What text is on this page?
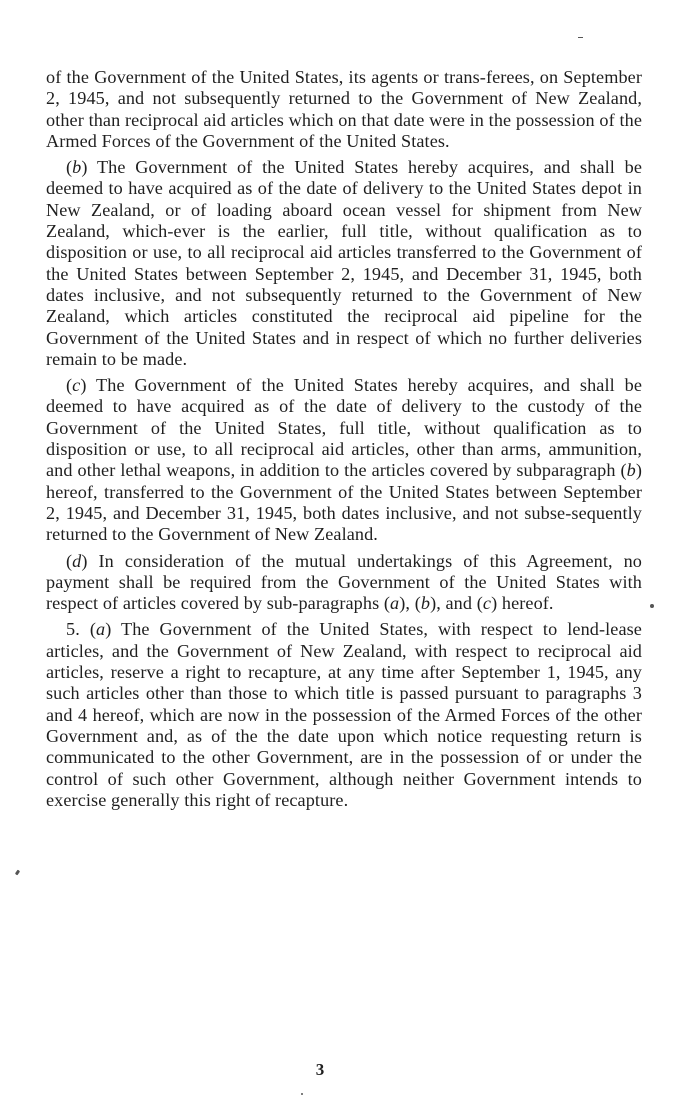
of the Government of the United States, its agents or trans-ferees, on September 2, 1945, and not subsequently returned to the Government of New Zealand, other than reciprocal aid articles which on that date were in the possession of the Armed Forces of the Government of the United States.

(b) The Government of the United States hereby acquires, and shall be deemed to have acquired as of the date of delivery to the United States depot in New Zealand, or of loading aboard ocean vessel for shipment from New Zealand, which-ever is the earlier, full title, without qualification as to disposition or use, to all reciprocal aid articles transferred to the Government of the United States between September 2, 1945, and December 31, 1945, both dates inclusive, and not subsequently returned to the Government of New Zealand, which articles constituted the reciprocal aid pipeline for the Government of the United States and in respect of which no further deliveries remain to be made.

(c) The Government of the United States hereby acquires, and shall be deemed to have acquired as of the date of delivery to the custody of the Government of the United States, full title, without qualification as to disposition or use, to all reciprocal aid articles, other than arms, ammunition, and other lethal weapons, in addition to the articles covered by subparagraph (b) hereof, transferred to the Government of the United States between September 2, 1945, and December 31, 1945, both dates inclusive, and not subse-sequently returned to the Government of New Zealand.

(d) In consideration of the mutual undertakings of this Agreement, no payment shall be required from the Government of the United States with respect of articles covered by sub-paragraphs (a), (b), and (c) hereof.

5. (a) The Government of the United States, with respect to lend-lease articles, and the Government of New Zealand, with respect to reciprocal aid articles, reserve a right to recapture, at any time after September 1, 1945, any such articles other than those to which title is passed pursuant to paragraphs 3 and 4 hereof, which are now in the possession of the Armed Forces of the other Government and, as of the the date upon which notice requesting return is communicated to the other Government, are in the possession of or under the control of such other Government, although neither Government intends to exercise generally this right of recapture.

3
